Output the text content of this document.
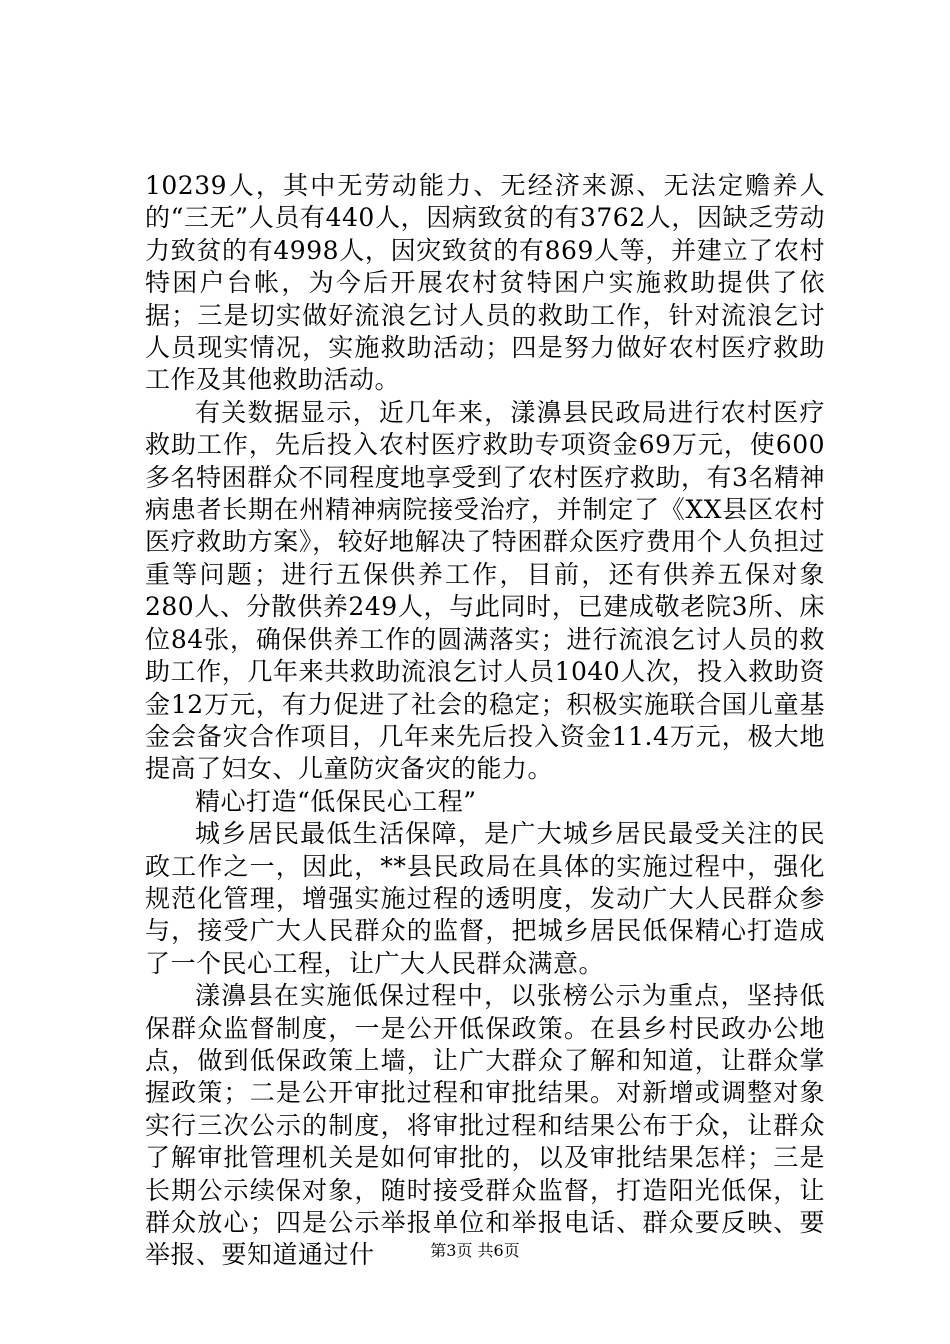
10239人，其中无劳动能力、无经济来源、无法定赡养人的“三无”人员有440人，因病致贫的有3762人，因缺乏劳动力致贫的有4998人，因灾致贫的有869人等，并建立了农村特困户台帐，为今后开展农村贫特困户实施救助提供了依据；三是切实做好流浪乞讨人员的救助工作，针对流浪乞讨人员现实情况，实施救助活动；四是努力做好农村医疗救助工作及其他救助活动。

有关数据显示，近几年来，漾濞县民政局进行农村医疗救助工作，先后投入农村医疗救助专项资金69万元，使600多名特困群众不同程度地享受到了农村医疗救助，有3名精神病患者长期在州精神病院接受治疗，并制定了《XX县区农村医疗救助方案》，较好地解决了特困群众医疗费用个人负担过重等问题；进行五保供养工作，目前，还有供养五保对象280人、分散供养249人，与此同时，已建成敬老院3所、床位84张，确保供养工作的圆满落实；进行流浪乞讨人员的救助工作，几年来共救助流浪乞讨人员1040人次，投入救助资金12万元，有力促进了社会的稳定；积极实施联合国儿童基金会备灾合作项目，几年来先后投入资金11.4万元，极大地提高了妇女、儿童防灾备灾的能力。

精心打造“低保民心工程”

城乡居民最低生活保障，是广大城乡居民最受关注的民政工作之一，因此，**县民政局在具体的实施过程中，强化规范化管理，增强实施过程的透明度，发动广大人民群众参与，接受广大人民群众的监督，把城乡居民低保精心打造成了一个民心工程，让广大人民群众满意。

漾濞县在实施低保过程中，以张榜公示为重点，坚持低保群众监督制度，一是公开低保政策。在县乡村民政办公地点，做到低保政策上墙，让广大群众了解和知道，让群众掌握政策；二是公开审批过程和审批结果。对新增或调整对象实行三次公示的制度，将审批过程和结果公布于众，让群众了解审批管理机关是如何审批的，以及审批结果怎样；三是长期公示续保对象，随时接受群众监督，打造阳光低保，让群众放心；四是公示举报单位和举报电话、群众要反映、要举报、要知道通过什	第3页 共6页
